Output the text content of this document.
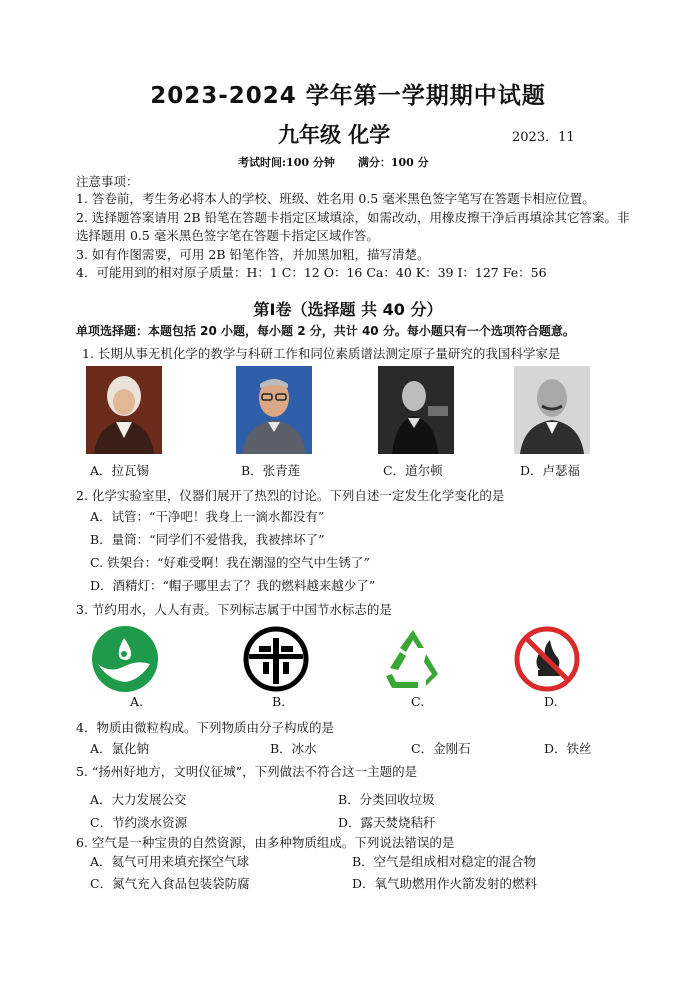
2023-2024 学年第一学期期中试题
九年级 化学	2023．11
考试时间:100 分钟      满分：100 分
注意事项：
1. 答卷前，考生务必将本人的学校、班级、姓名用 0.5 毫米黑色签字笔写在答题卡相应位置。
2. 选择题答案请用 2B 铅笔在答题卡指定区域填涂，如需改动，用橡皮擦干净后再填涂其它答案。非选择题用 0.5 毫米黑色签字笔在答题卡指定区域作答。
3. 如有作图需要，可用 2B 铅笔作答，并加黑加粗，描写清楚。
4．可能用到的相对原子质量：H：1 C：12 O：16 Ca：40 K：39 I：127 Fe：56
第Ⅰ卷（选择题 共 40 分）
单项选择题：本题包括 20 小题，每小题 2 分，共计 40 分。每小题只有一个选项符合题意。
1. 长期从事无机化学的教学与科研工作和同位素质谱法测定原子量研究的我国科学家是
A．拉瓦锡	B．张青莲	C．道尔顿	D．卢瑟福
2. 化学实验室里，仪器们展开了热烈的讨论。下列自述一定发生化学变化的是
A．试管：“干净吧！我身上一滴水都没有”
B．量筒：“同学们不爱惜我，我被摔坏了”
C. 铁架台：“好难受啊！我在潮湿的空气中生锈了”
D．酒精灯：“帽子哪里去了？我的燃料越来越少了”
3. 节约用水，人人有责。下列标志属于中国节水标志的是
A.	B.	C.	D.
4．物质由微粒构成。下列物质由分子构成的是
A．氯化钠	B．冰水	C．金刚石	D．铁丝
5. “扬州好地方，文明仪征城”，下列做法不符合这一主题的是
A．大力发展公交	B．分类回收垃圾
C．节约淡水资源	D．露天焚烧秸秆
6. 空气是一种宝贵的自然资源，由多种物质组成。下列说法错误的是
A．氦气可用来填充探空气球	B．空气是组成相对稳定的混合物
C．氮气充入食品包装袋防腐	D．氧气助燃用作火箭发射的燃料
